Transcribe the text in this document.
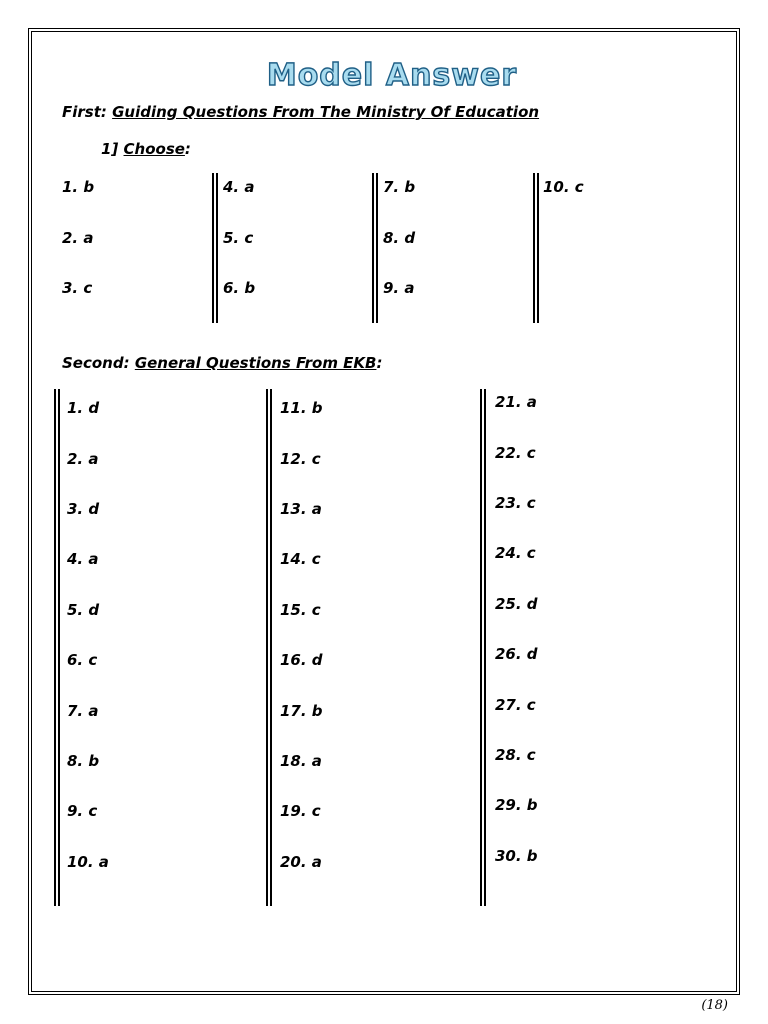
Model Answer
First: Guiding Questions From The Ministry Of Education
1] Choose:
1. b
2. a
3. c
4. a
5. c
6. b
7. b
8. d
9. a
10. c
Second: General Questions From EKB:
1. d
2. a
3. d
4. a
5. d
6. c
7. a
8. b
9. c
10. a
11. b
12. c
13. a
14. c
15. c
16. d
17. b
18. a
19. c
20. a
21. a
22. c
23. c
24. c
25. d
26. d
27. c
28. c
29. b
30. b
(18)
